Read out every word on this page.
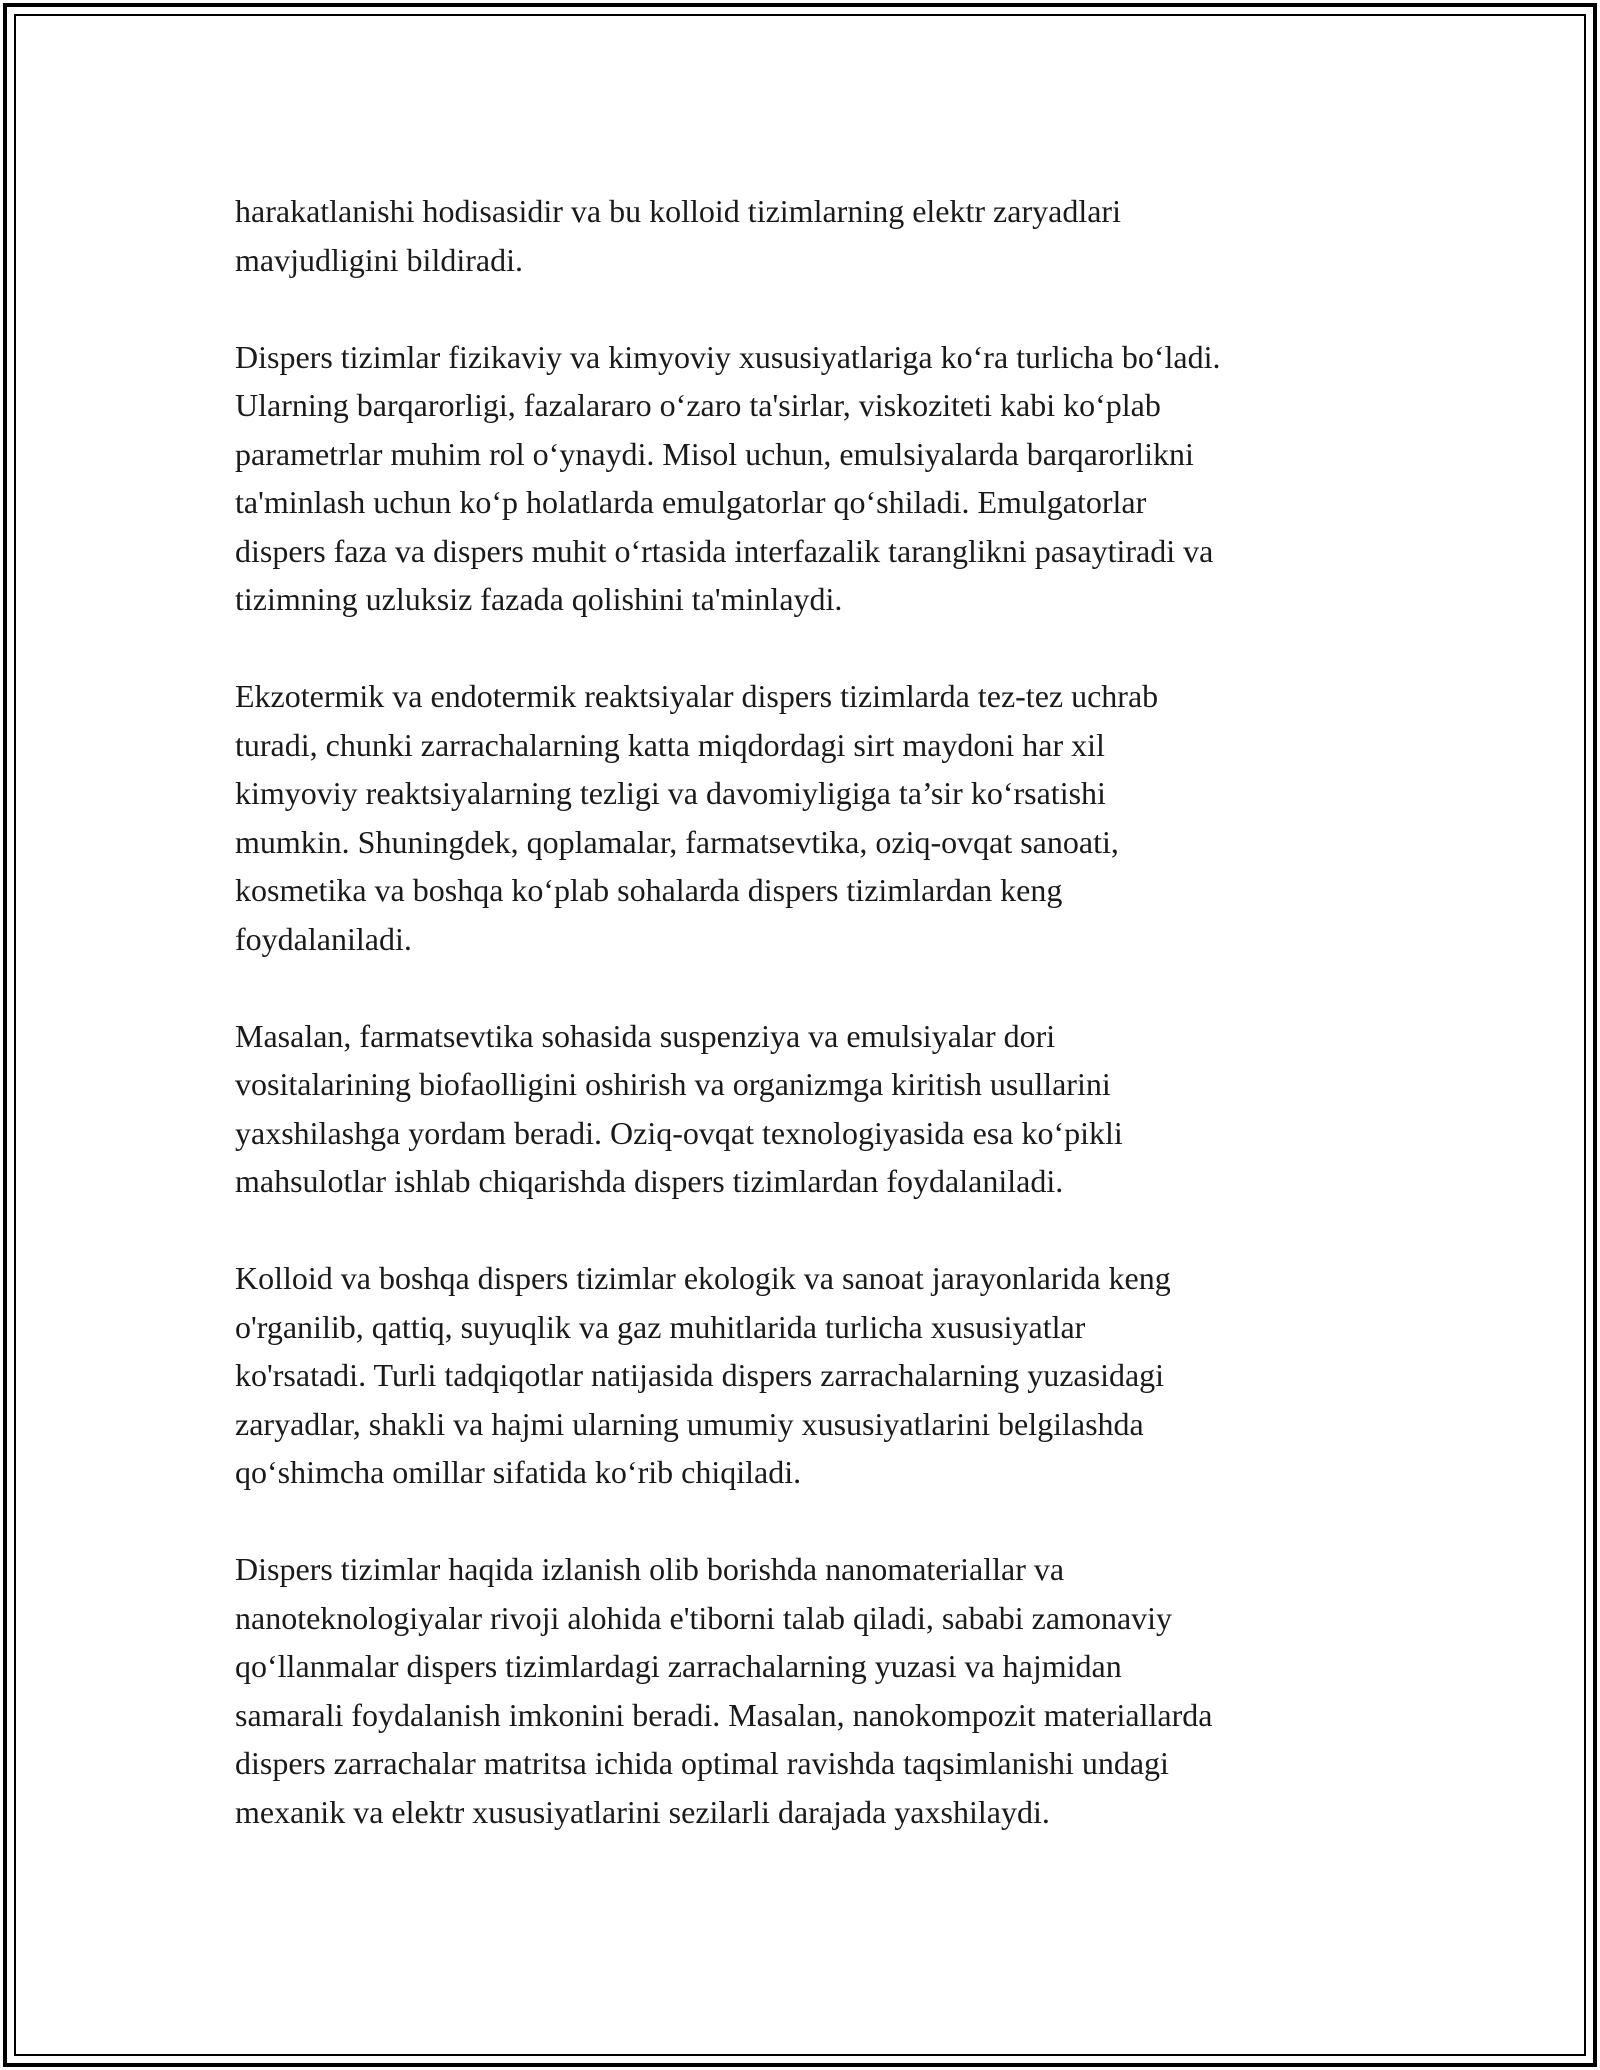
harakatlanishi hodisasidir va bu kolloid tizimlarning elektr zaryadlari
mavjudligini bildiradi.

Dispers tizimlar fizikaviy va kimyoviy xususiyatlariga ko‘ra turlicha bo‘ladi.
Ularning barqarorligi, fazalararo o‘zaro ta'sirlar, viskoziteti kabi ko‘plab
parametrlar muhim rol o‘ynaydi. Misol uchun, emulsiyalarda barqarorlikni
ta'minlash uchun ko‘p holatlarda emulgatorlar qo‘shiladi. Emulgatorlar
dispers faza va dispers muhit o‘rtasida interfazalik taranglikni pasaytiradi va
tizimning uzluksiz fazada qolishini ta'minlaydi.

Ekzotermik va endotermik reaktsiyalar dispers tizimlarda tez-tez uchrab
turadi, chunki zarrachalarning katta miqdordagi sirt maydoni har xil
kimyoviy reaktsiyalarning tezligi va davomiyligiga ta’sir ko‘rsatishi
mumkin. Shuningdek, qoplamalar, farmatsevtika, oziq-ovqat sanoati,
kosmetika va boshqa ko‘plab sohalarda dispers tizimlardan keng
foydalaniladi.

Masalan, farmatsevtika sohasida suspenziya va emulsiyalar dori
vositalarining biofaolligini oshirish va organizmga kiritish usullarini
yaxshilashga yordam beradi. Oziq-ovqat texnologiyasida esa ko‘pikli
mahsulotlar ishlab chiqarishda dispers tizimlardan foydalaniladi.

Kolloid va boshqa dispers tizimlar ekologik va sanoat jarayonlarida keng
o'rganilib, qattiq, suyuqlik va gaz muhitlarida turlicha xususiyatlar
ko'rsatadi. Turli tadqiqotlar natijasida dispers zarrachalarning yuzasidagi
zaryadlar, shakli va hajmi ularning umumiy xususiyatlarini belgilashda
qo‘shimcha omillar sifatida ko‘rib chiqiladi.

Dispers tizimlar haqida izlanish olib borishda nanomateriallar va
nanoteknologiyalar rivoji alohida e'tiborni talab qiladi, sababi zamonaviy
qo‘llanmalar dispers tizimlardagi zarrachalarning yuzasi va hajmidan
samarali foydalanish imkonini beradi. Masalan, nanokompozit materiallarda
dispers zarrachalar matritsa ichida optimal ravishda taqsimlanishi undagi
mexanik va elektr xususiyatlarini sezilarli darajada yaxshilaydi.
